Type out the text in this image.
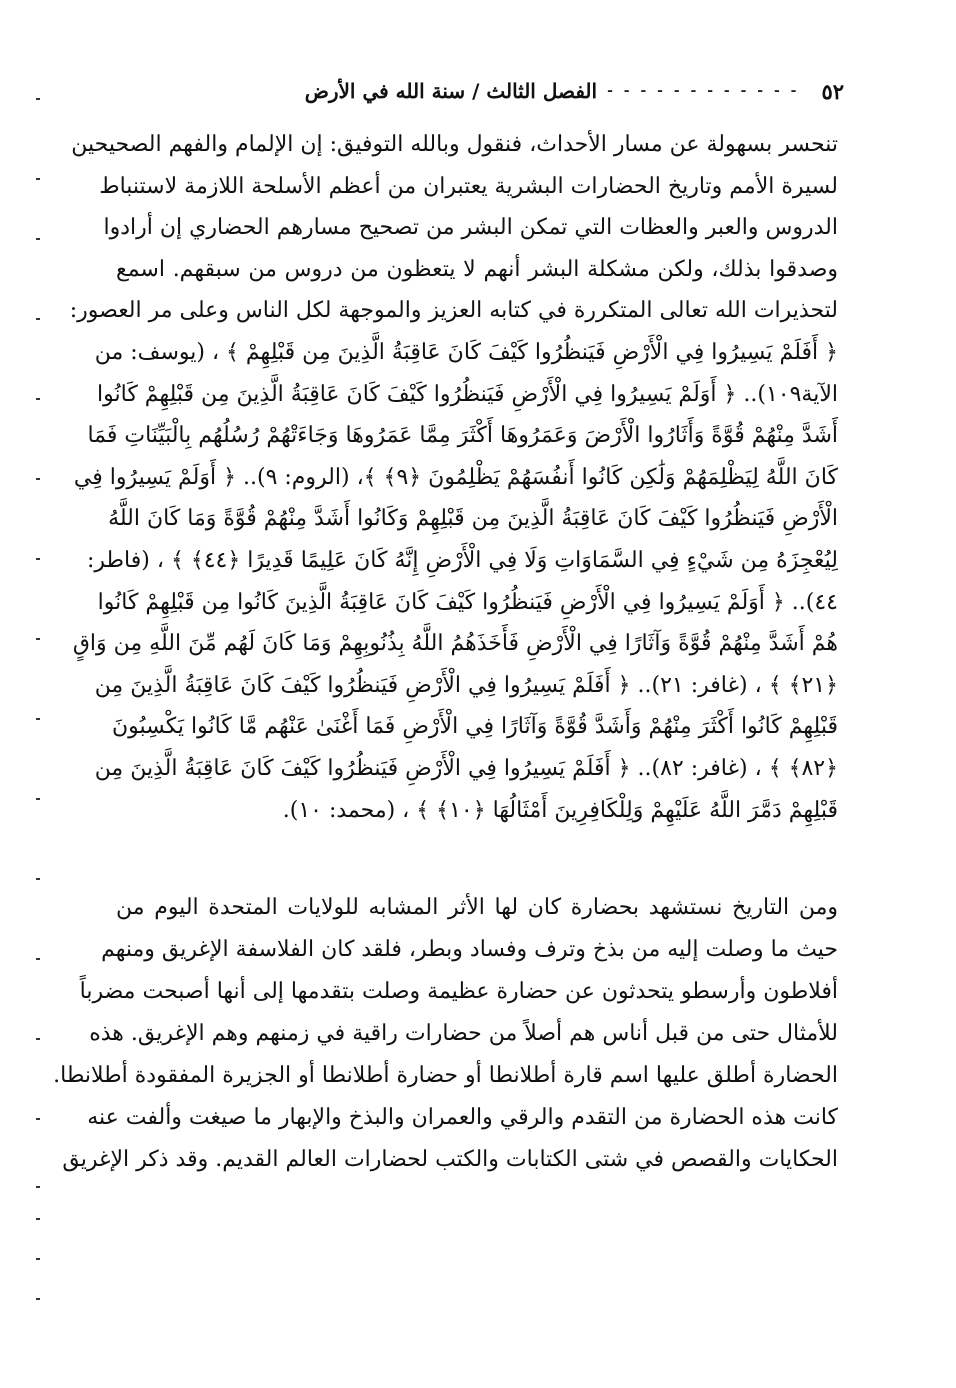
٥٢
- - - - - - - - - - - -
الفصل الثالث / سنة الله في الأرض
تنحسر بسهولة عن مسار الأحداث، فنقول وبالله التوفيق: إن الإلمام والفهم الصحيحين
لسيرة الأمم وتاريخ الحضارات البشرية يعتبران من أعظم الأسلحة اللازمة لاستنباط
الدروس والعبر والعظات التي تمكن البشر من تصحيح مسارهم الحضاري إن أرادوا
وصدقوا بذلك، ولكن مشكلة البشر أنهم لا يتعظون من دروس من سبقهم. اسمع
لتحذيرات الله تعالى المتكررة في كتابه العزيز والموجهة لكل الناس وعلى مر العصور:
﴿ أَفَلَمْ يَسِيرُوا فِي الْأَرْضِ فَيَنظُرُوا كَيْفَ كَانَ عَاقِبَةُ الَّذِينَ مِن قَبْلِهِمْ ﴾ ، (يوسف: من
الآية١٠٩).. ﴿ أَوَلَمْ يَسِيرُوا فِي الْأَرْضِ فَيَنظُرُوا كَيْفَ كَانَ عَاقِبَةُ الَّذِينَ مِن قَبْلِهِمْ كَانُوا
أَشَدَّ مِنْهُمْ قُوَّةً وَأَثَارُوا الْأَرْضَ وَعَمَرُوهَا أَكْثَرَ مِمَّا عَمَرُوهَا وَجَاءَتْهُمْ رُسُلُهُم بِالْبَيِّنَاتِ فَمَا
كَانَ اللَّهُ لِيَظْلِمَهُمْ وَلَٰكِن كَانُوا أَنفُسَهُمْ يَظْلِمُونَ ﴿٩﴾ ﴾، (الروم: ٩).. ﴿ أَوَلَمْ يَسِيرُوا فِي
الْأَرْضِ فَيَنظُرُوا كَيْفَ كَانَ عَاقِبَةُ الَّذِينَ مِن قَبْلِهِمْ وَكَانُوا أَشَدَّ مِنْهُمْ قُوَّةً وَمَا كَانَ اللَّهُ
لِيُعْجِزَهُ مِن شَيْءٍ فِي السَّمَاوَاتِ وَلَا فِي الْأَرْضِ إِنَّهُ كَانَ عَلِيمًا قَدِيرًا ﴿٤٤﴾ ﴾ ، (فاطر:
٤٤).. ﴿ أَوَلَمْ يَسِيرُوا فِي الْأَرْضِ فَيَنظُرُوا كَيْفَ كَانَ عَاقِبَةُ الَّذِينَ كَانُوا مِن قَبْلِهِمْ كَانُوا
هُمْ أَشَدَّ مِنْهُمْ قُوَّةً وَآثَارًا فِي الْأَرْضِ فَأَخَذَهُمُ اللَّهُ بِذُنُوبِهِمْ وَمَا كَانَ لَهُم مِّنَ اللَّهِ مِن وَاقٍ
﴿٢١﴾ ﴾ ، (غافر: ٢١).. ﴿ أَفَلَمْ يَسِيرُوا فِي الْأَرْضِ فَيَنظُرُوا كَيْفَ كَانَ عَاقِبَةُ الَّذِينَ مِن
قَبْلِهِمْ كَانُوا أَكْثَرَ مِنْهُمْ وَأَشَدَّ قُوَّةً وَآثَارًا فِي الْأَرْضِ فَمَا أَغْنَىٰ عَنْهُم مَّا كَانُوا يَكْسِبُونَ
﴿٨٢﴾ ﴾ ، (غافر: ٨٢).. ﴿ أَفَلَمْ يَسِيرُوا فِي الْأَرْضِ فَيَنظُرُوا كَيْفَ كَانَ عَاقِبَةُ الَّذِينَ مِن
قَبْلِهِمْ دَمَّرَ اللَّهُ عَلَيْهِمْ وَلِلْكَافِرِينَ أَمْثَالُهَا ﴿١٠﴾ ﴾ ، (محمد: ١٠).
ومن التاريخ نستشهد بحضارة كان لها الأثر المشابه للولايات المتحدة اليوم من
حيث ما وصلت إليه من بذخ وترف وفساد وبطر، فلقد كان الفلاسفة الإغريق ومنهم
أفلاطون وأرسطو يتحدثون عن حضارة عظيمة وصلت بتقدمها إلى أنها أصبحت مضرباً
للأمثال حتى من قبل أناس هم أصلاً من حضارات راقية في زمنهم وهم الإغريق. هذه
الحضارة أطلق عليها اسم قارة أطلانطا أو حضارة أطلانطا أو الجزيرة المفقودة أطلانطا.
كانت هذه الحضارة من التقدم والرقي والعمران والبذخ والإبهار ما صيغت وألفت عنه
الحكايات والقصص في شتى الكتابات والكتب لحضارات العالم القديم. وقد ذكر الإغريق
